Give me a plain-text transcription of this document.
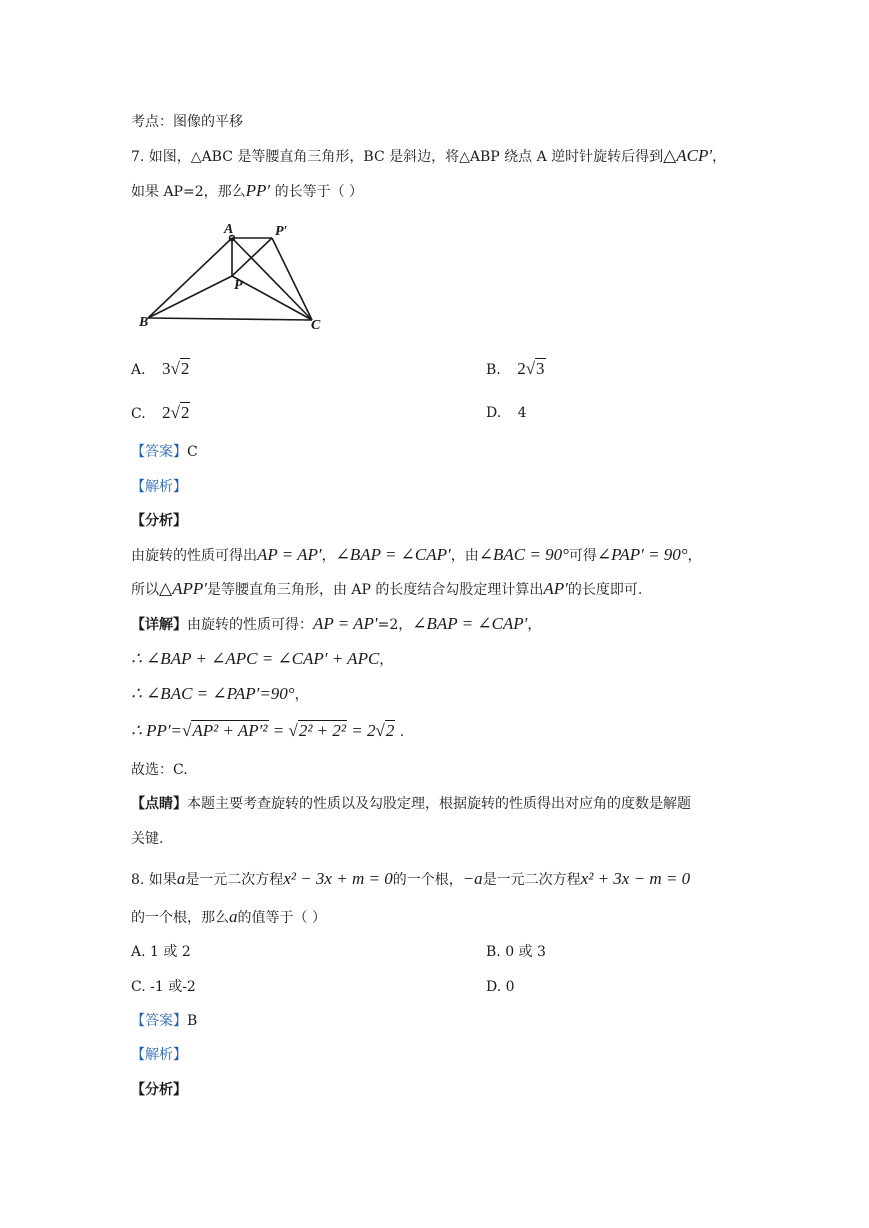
考点：图像的平移
7. 如图，△ABC 是等腰直角三角形，BC 是斜边，将△ABP 绕点 A 逆时针旋转后得到△ACP′，
如果 AP=2，那么PP′ 的长等于（ ）
A	P′
P
B	C
A. 3√2	B. 2√3
C. 2√2	D. 4
【答案】C
【解析】
【分析】
由旋转的性质可得出AP = AP′，∠BAP = ∠CAP′，由∠BAC = 90°可得∠PAP′ = 90°，
所以△APP′是等腰直角三角形，由 AP 的长度结合勾股定理计算出AP′的长度即可.
【详解】由旋转的性质可得：AP = AP′=2，∠BAP = ∠CAP′，
∴ ∠BAP + ∠APC = ∠CAP′ + APC，
∴ ∠BAC = ∠PAP′=90°，
∴ PP′=√AP² + AP′² = √2² + 2² = 2√2 .
故选：C.
【点睛】本题主要考查旋转的性质以及勾股定理，根据旋转的性质得出对应角的度数是解题
关键.
8. 如果a是一元二次方程x² − 3x + m = 0的一个根，−a是一元二次方程x² + 3x − m = 0
的一个根，那么a的值等于（ ）
A. 1 或 2	B. 0 或 3
C. -1 或-2	D. 0
【答案】B
【解析】
【分析】
